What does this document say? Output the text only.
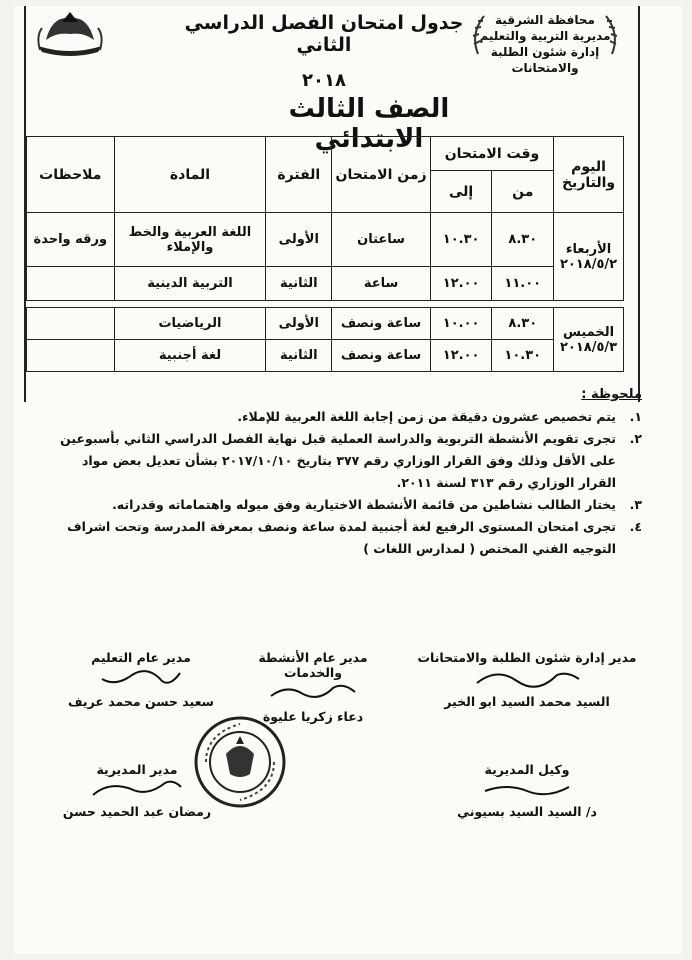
محافظة الشرقية
مديرية التربية والتعليم
إدارة شئون الطلبة والامتحانات
جدول امتحان الفصل الدراسي الثاني
٢٠١٨
الصف الثالث الابتدائي
اليوم والتاريخ	وقت الامتحان		زمن الامتحان	الفترة	المادة	ملاحظات
	من	إلى				

الأربعاء
٢٠١٨/٥/٢	٨.٣٠	١٠.٣٠	ساعتان	الأولى	اللغة العربية والخط والإملاء	ورقه واحدة
	١١.٠٠	١٢.٠٠	ساعة	الثانية	التربية الدينية	

الخميس
٢٠١٨/٥/٣	٨.٣٠	١٠.٠٠	ساعة ونصف	الأولى	الرياضيات	
	١٠.٣٠	١٢.٠٠	ساعة ونصف	الثانية	لغة أجنبية	
ملحوظة :
١.
يتم تخصيص عشرون دقيقة من زمن إجابة اللغة العربية للإملاء.
٢.
تجرى تقويم الأنشطة التربوية والدراسة العملية قبل نهاية الفصل الدراسي الثاني بأسبوعين على الأقل وذلك وفق القرار الوزاري رقم ٣٧٧ بتاريخ ٢٠١٧/١٠/١٠ بشأن تعديل بعض مواد القرار الوزاري رقم ٣١٣ لسنة ٢٠١١.
٣.
يختار الطالب نشاطين من قائمة الأنشطة الاختيارية وفق ميوله واهتماماته وقدراته.
٤.
تجرى امتحان المستوى الرفيع لغة أجنبية لمدة ساعة ونصف بمعرفة المدرسة وتحت اشراف التوجيه الفني المختص ( لمدارس اللغات )
مدير إدارة شئون الطلبة والامتحانات
السيد محمد السيد ابو الخير
مدير عام الأنشطة والخدمات
دعاء زكريا عليوة
مدير عام التعليم
سعيد حسن محمد عريف
وكيل المديرية
د/ السيد السيد بسيوني
مدير المديرية
رمضان عبد الحميد حسن
